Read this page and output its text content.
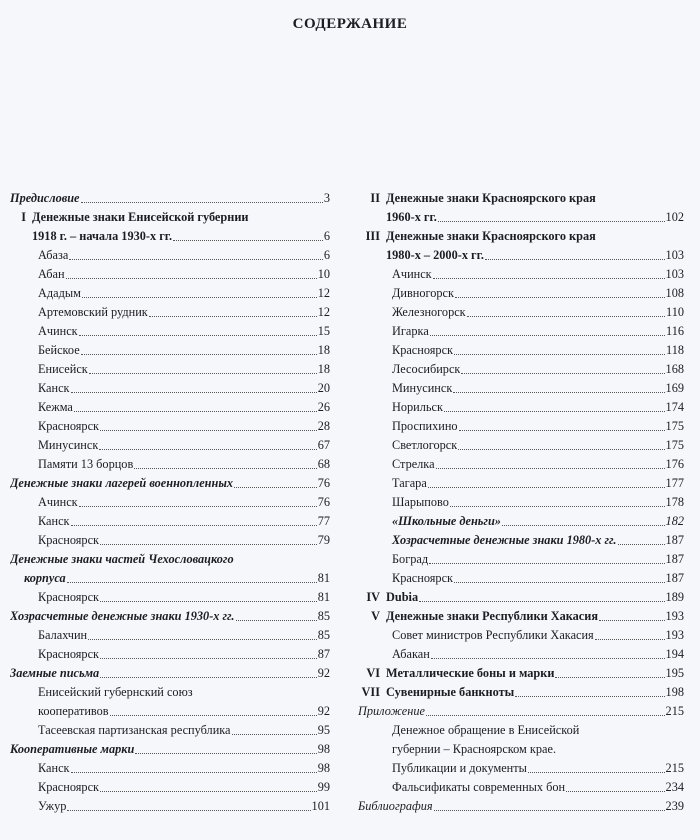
СОДЕРЖАНИЕ
Предисловие	3
I Денежные знаки Енисейской губернии
1918 г. – начала 1930-х гг.	6
Абаза	6
Абан	10
Ададым	12
Артемовский рудник	12
Ачинск	15
Бейское	18
Енисейск	18
Канск	20
Кежма	26
Красноярск	28
Минусинск	67
Памяти 13 борцов	68
Денежные знаки лагерей военнопленных	76
Ачинск	76
Канск	77
Красноярск	79
Денежные знаки частей Чехословацкого
корпуса	81
Красноярск	81
Хозрасчетные денежные знаки 1930-х гг.	85
Балахчин	85
Красноярск	87
Заемные письма	92
Енисейский губернский союз
кооперативов	92
Тасеевская партизанская республика	95
Кооперативные марки	98
Канск	98
Красноярск	99
Ужур	101
II Денежные знаки Красноярского края
1960-х гг.	102
III Денежные знаки Красноярского края
1980-х – 2000-х гг.	103
Ачинск	103
Дивногорск	108
Железногорск	110
Игарка	116
Красноярск	118
Лесосибирск	168
Минусинск	169
Норильск	174
Проспихино	175
Светлогорск	175
Стрелка	176
Тагара	177
Шарыпово	178
«Школьные деньги»	182
Хозрасчетные денежные знаки 1980-х гг.	187
Боград	187
Красноярск	187
IV Dubia	189
V Денежные знаки Республики Хакасия	193
Совет министров Республики Хакасия	193
Абакан	194
VI Металлические боны и марки	195
VII Сувенирные банкноты	198
Приложение	215
Денежное обращение в Енисейской
губернии – Красноярском крае.
Публикации и документы	215
Фальсификаты современных бон	234
Библиография	239
